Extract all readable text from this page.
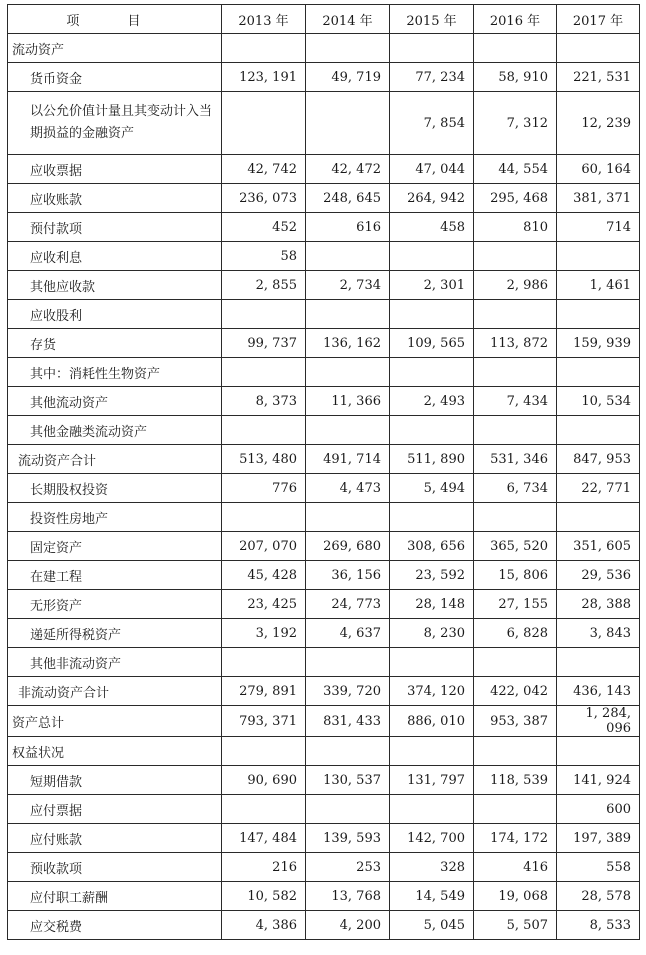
项 目	2013 年	2014 年	2015 年	2016 年	2017 年
流动资产					
货币资金	123, 191	49, 719	77, 234	58, 910	221, 531
以公允价值计量且其变动计入当期损益的金融资产			7, 854	7, 312	12, 239
应收票据	42, 742	42, 472	47, 044	44, 554	60, 164
应收账款	236, 073	248, 645	264, 942	295, 468	381, 371
预付款项	452	616	458	810	714
应收利息	58				
其他应收款	2, 855	2, 734	2, 301	2, 986	1, 461
应收股利					
存货	99, 737	136, 162	109, 565	113, 872	159, 939
其中：消耗性生物资产					
其他流动资产	8, 373	11, 366	2, 493	7, 434	10, 534
其他金融类流动资产					
流动资产合计	513, 480	491, 714	511, 890	531, 346	847, 953
长期股权投资	776	4, 473	5, 494	6, 734	22, 771
投资性房地产					
固定资产	207, 070	269, 680	308, 656	365, 520	351, 605
在建工程	45, 428	36, 156	23, 592	15, 806	29, 536
无形资产	23, 425	24, 773	28, 148	27, 155	28, 388
递延所得税资产	3, 192	4, 637	8, 230	6, 828	3, 843
其他非流动资产					
非流动资产合计	279, 891	339, 720	374, 120	422, 042	436, 143
资产总计	793, 371	831, 433	886, 010	953, 387	1, 284, 096
权益状况					
短期借款	90, 690	130, 537	131, 797	118, 539	141, 924
应付票据					600
应付账款	147, 484	139, 593	142, 700	174, 172	197, 389
预收款项	216	253	328	416	558
应付职工薪酬	10, 582	13, 768	14, 549	19, 068	28, 578
应交税费	4, 386	4, 200	5, 045	5, 507	8, 533
